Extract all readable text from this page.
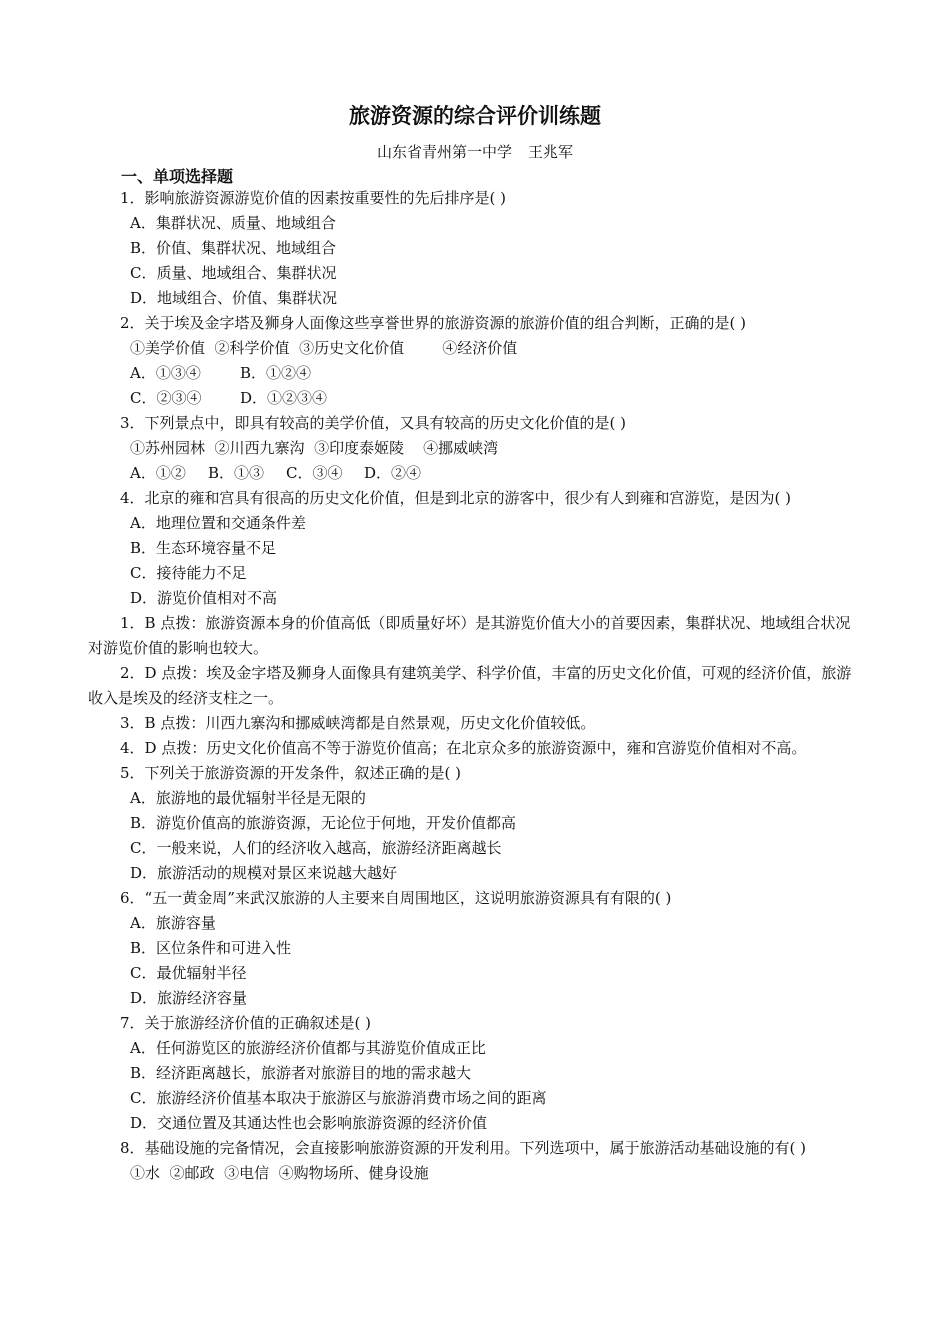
旅游资源的综合评价训练题
山东省青州第一中学 王兆军
一、单项选择题

1．影响旅游资源游览价值的因素按重要性的先后排序是( )

A．集群状况、质量、地域组合

B．价值、集群状况、地域组合

C．质量、地域组合、集群状况

D．地域组合、价值、集群状况

2．关于埃及金字塔及狮身人面像这些享誉世界的旅游资源的旅游价值的组合判断，正确的是( )

①美学价值  ②科学价值  ③历史文化价值        ④经济价值

A．①③④	B．①②④

C．②③④	D．①②③④

3．下列景点中，即具有较高的美学价值，又具有较高的历史文化价值的是( )

①苏州园林  ②川西九寨沟  ③印度泰姬陵    ④挪威峡湾

A．①② B．①③ C．③④ D．②④

4．北京的雍和宫具有很高的历史文化价值，但是到北京的游客中，很少有人到雍和宫游览，是因为( )

A．地理位置和交通条件差

B．生态环境容量不足

C．接待能力不足

D．游览价值相对不高

1．B 点拨：旅游资源本身的价值高低（即质量好坏）是其游览价值大小的首要因素，集群状况、地域组合状况对游览价值的影响也较大。

2．D 点拨：埃及金字塔及狮身人面像具有建筑美学、科学价值，丰富的历史文化价值，可观的经济价值，旅游收入是埃及的经济支柱之一。

3．B 点拨：川西九寨沟和挪威峡湾都是自然景观，历史文化价值较低。

4．D 点拨：历史文化价值高不等于游览价值高；在北京众多的旅游资源中，雍和宫游览价值相对不高。

5．下列关于旅游资源的开发条件，叙述正确的是( )

A．旅游地的最优辐射半径是无限的

B．游览价值高的旅游资源，无论位于何地，开发价值都高

C．一般来说，人们的经济收入越高，旅游经济距离越长

D．旅游活动的规模对景区来说越大越好

6．“五一黄金周”来武汉旅游的人主要来自周围地区，这说明旅游资源具有有限的( )

A．旅游容量

B．区位条件和可进入性

C．最优辐射半径

D．旅游经济容量

7．关于旅游经济价值的正确叙述是( )

A．任何游览区的旅游经济价值都与其游览价值成正比

B．经济距离越长，旅游者对旅游目的地的需求越大

C．旅游经济价值基本取决于旅游区与旅游消费市场之间的距离

D．交通位置及其通达性也会影响旅游资源的经济价值

8．基础设施的完备情况，会直接影响旅游资源的开发利用。下列选项中，属于旅游活动基础设施的有( )

①水  ②邮政  ③电信  ④购物场所、健身设施
